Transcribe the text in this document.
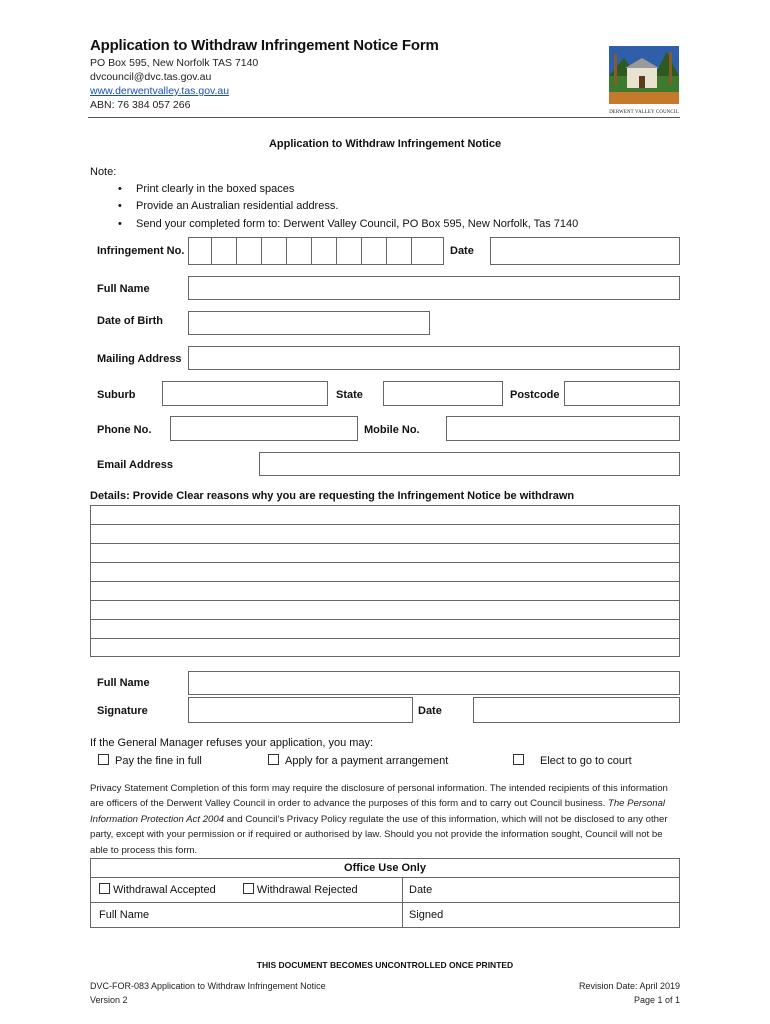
Application to Withdraw Infringement Notice Form
PO Box 595, New Norfolk TAS 7140
dvcouncil@dvc.tas.gov.au
www.derwentvalley.tas.gov.au
ABN: 76 384 057 266
DERWENT VALLEY COUNCIL
Application to Withdraw Infringement Notice
Note:
• Print clearly in the boxed spaces
• Provide an Australian residential address.
• Send your completed form to: Derwent Valley Council, PO Box 595, New Norfolk, Tas 7140
Infringement No.	Date
Full Name
Date of Birth
Mailing Address
Suburb	State	Postcode
Phone No.	Mobile No.
Email Address
Details: Provide Clear reasons why you are requesting the Infringement Notice be withdrawn
Full Name
Signature	Date
If the General Manager refuses your application, you may:
Pay the fine in full	Apply for a payment arrangement	Elect to go to court
Privacy Statement Completion of this form may require the disclosure of personal information. The intended recipients of this information are officers of the Derwent Valley Council in order to advance the purposes of this form and to carry out Council business. The Personal Information Protection Act 2004 and Council’s Privacy Policy regulate the use of this information, which will not be disclosed to any other party, except with your permission or if required or authorised by law. Should you not provide the information sought, Council will not be able to process this form.
Office Use Only
Withdrawal Accepted	Withdrawal Rejected	Date
Full Name	Signed
THIS DOCUMENT BECOMES UNCONTROLLED ONCE PRINTED
DVC-FOR-083 Application to Withdraw Infringement Notice
Version 2
Revision Date: April 2019
Page 1 of 1
